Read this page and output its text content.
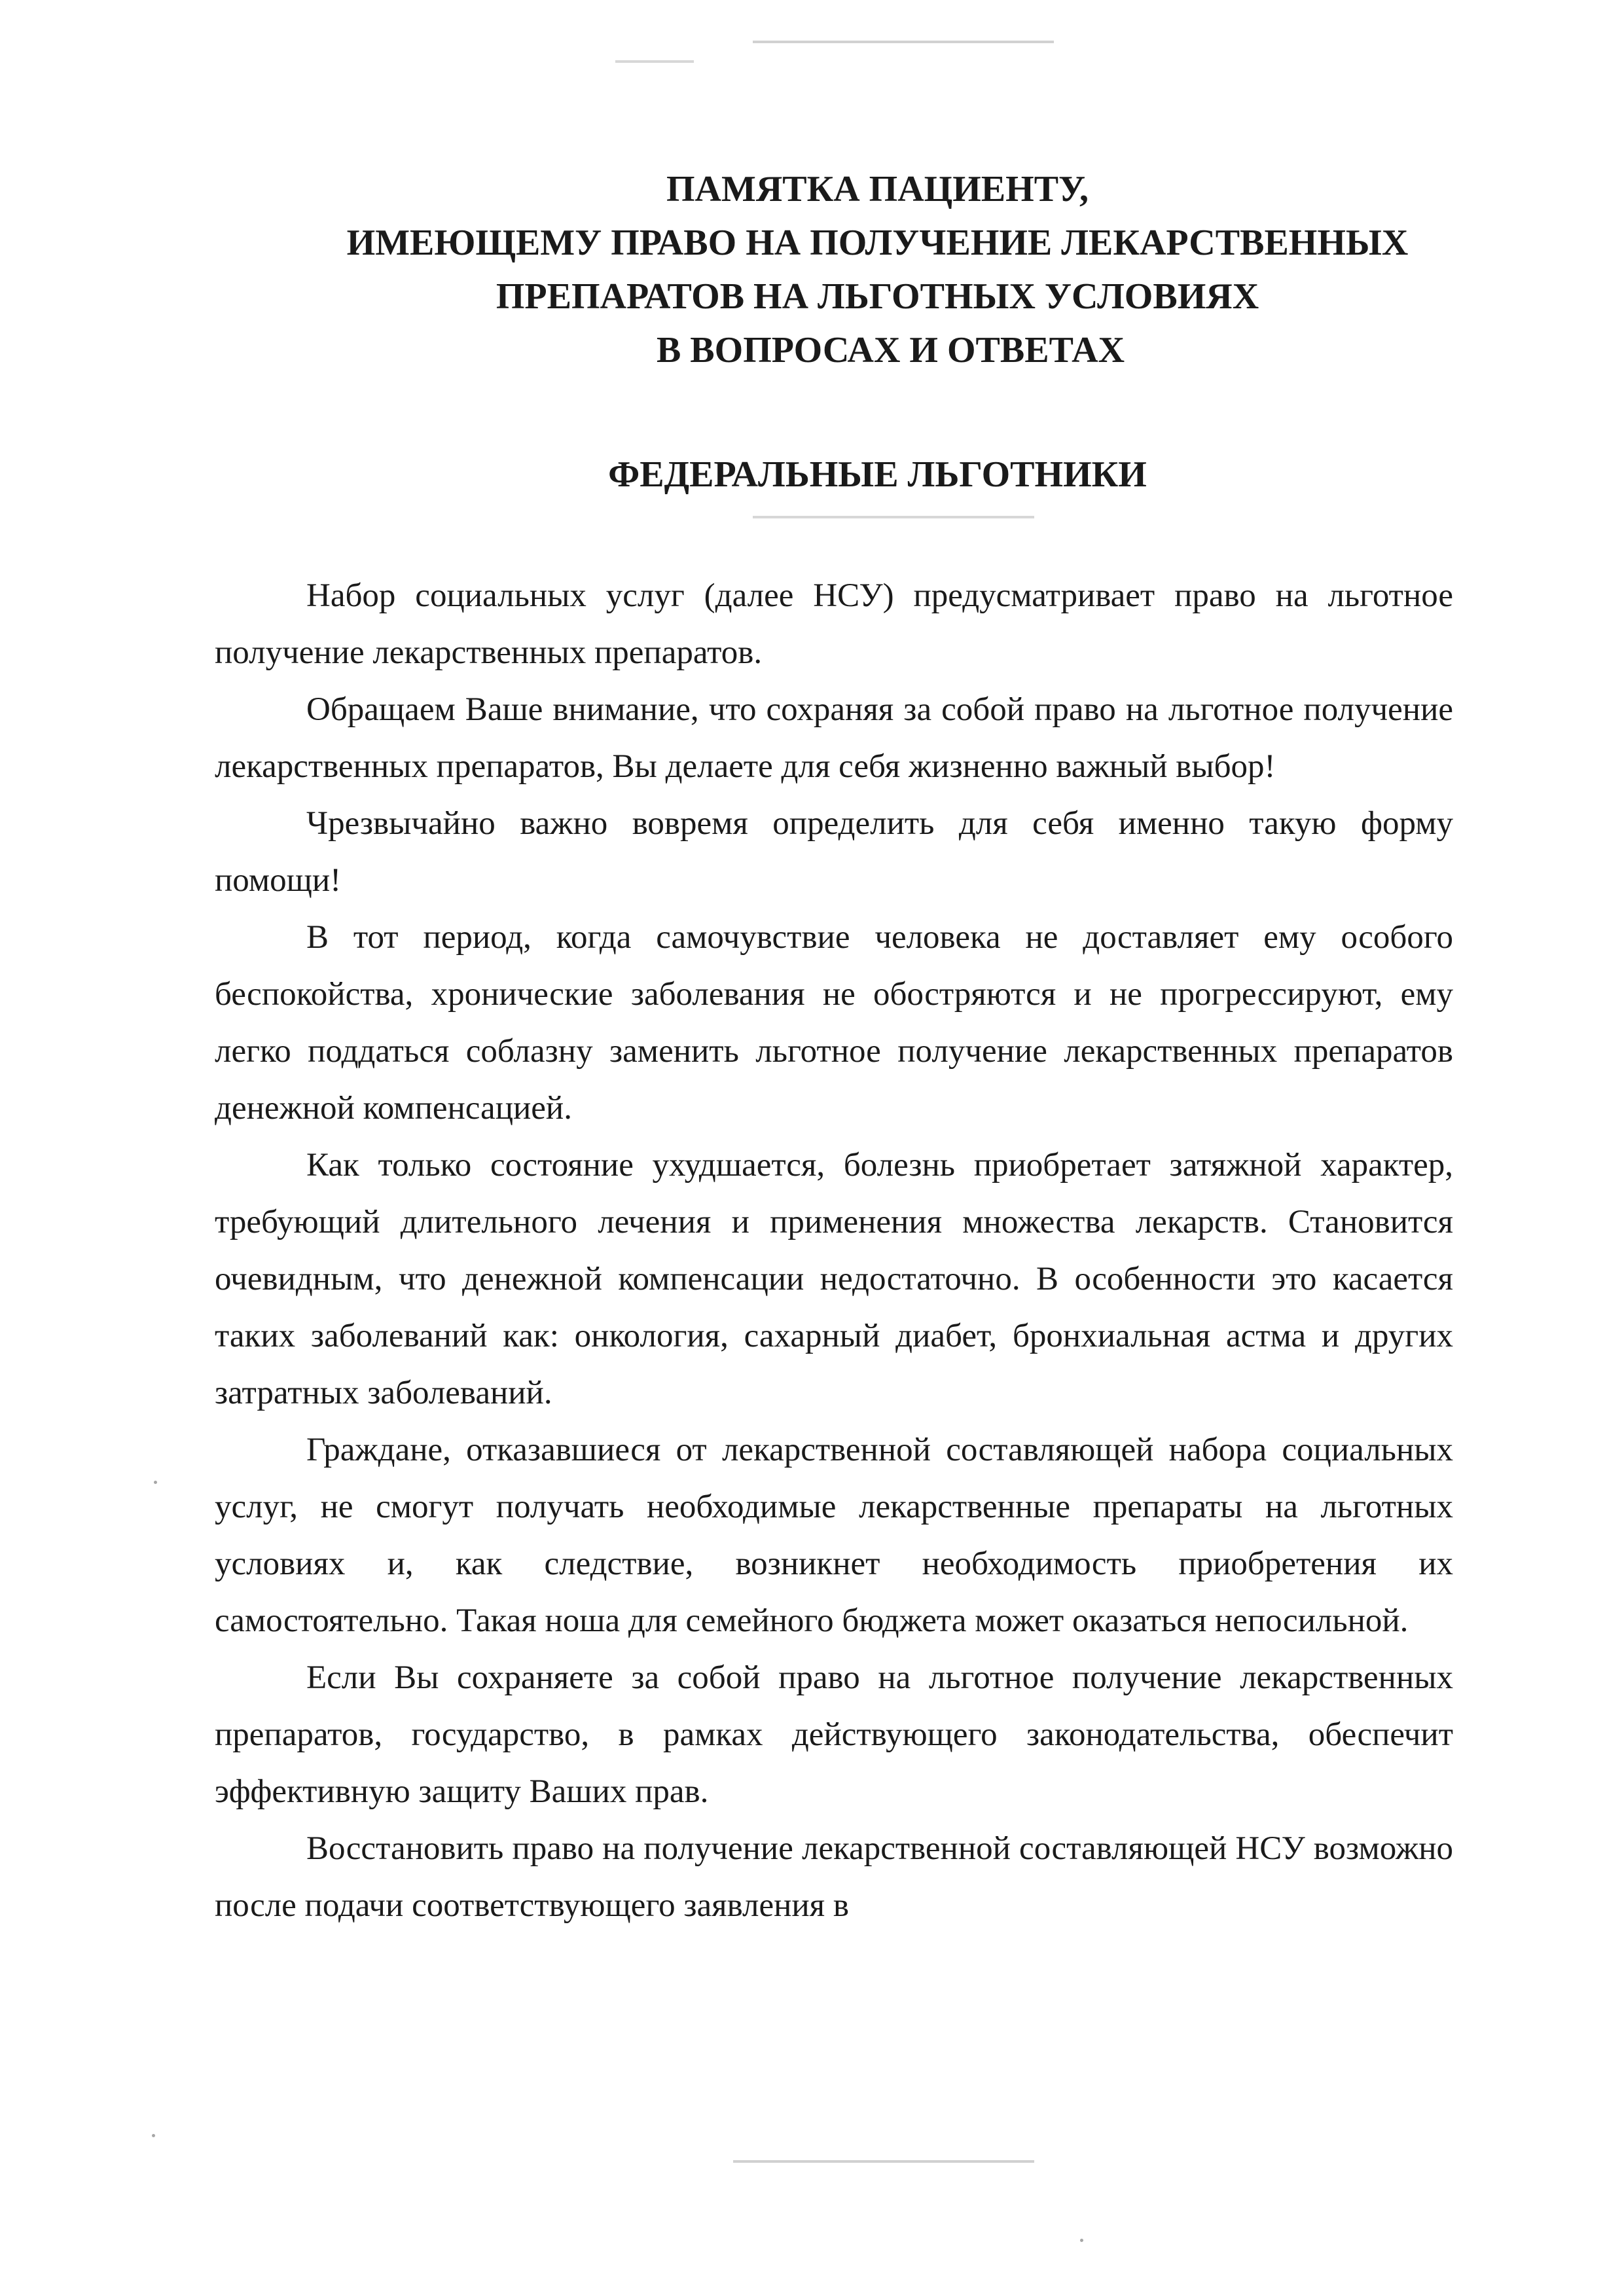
ПАМЯТКА ПАЦИЕНТУ,
ИМЕЮЩЕМУ ПРАВО НА ПОЛУЧЕНИЕ ЛЕКАРСТВЕННЫХ
ПРЕПАРАТОВ НА ЛЬГОТНЫХ УСЛОВИЯХ
В ВОПРОСАХ И ОТВЕТАХ
ФЕДЕРАЛЬНЫЕ ЛЬГОТНИКИ

Набор социальных услуг (далее НСУ) предусматривает право на льготное получение лекарственных препаратов.

Обращаем Ваше внимание, что сохраняя за собой право на льготное получение лекарственных препаратов, Вы делаете для себя жизненно важный выбор!

Чрезвычайно важно вовремя определить для себя именно такую форму помощи!

В тот период, когда самочувствие человека не доставляет ему особого беспокойства, хронические заболевания не обостряются и не прогрессируют, ему легко поддаться соблазну заменить льготное получение лекарственных препаратов денежной компенсацией.

Как только состояние ухудшается, болезнь приобретает затяжной характер, требующий длительного лечения и применения множества лекарств. Становится очевидным, что денежной компенсации недостаточно. В особенности это касается таких заболеваний как: онкология, сахарный диабет, бронхиальная астма и других затратных заболеваний.

Граждане, отказавшиеся от лекарственной составляющей набора социальных услуг, не смогут получать необходимые лекарственные препараты на льготных условиях и, как следствие, возникнет необходимость приобретения их самостоятельно. Такая ноша для семейного бюджета может оказаться непосильной.

Если Вы сохраняете за собой право на льготное получение лекарственных препаратов, государство, в рамках действующего законодательства, обеспечит эффективную защиту Ваших прав.

Восстановить право на получение лекарственной составляющей НСУ возможно после подачи соответствующего заявления в
